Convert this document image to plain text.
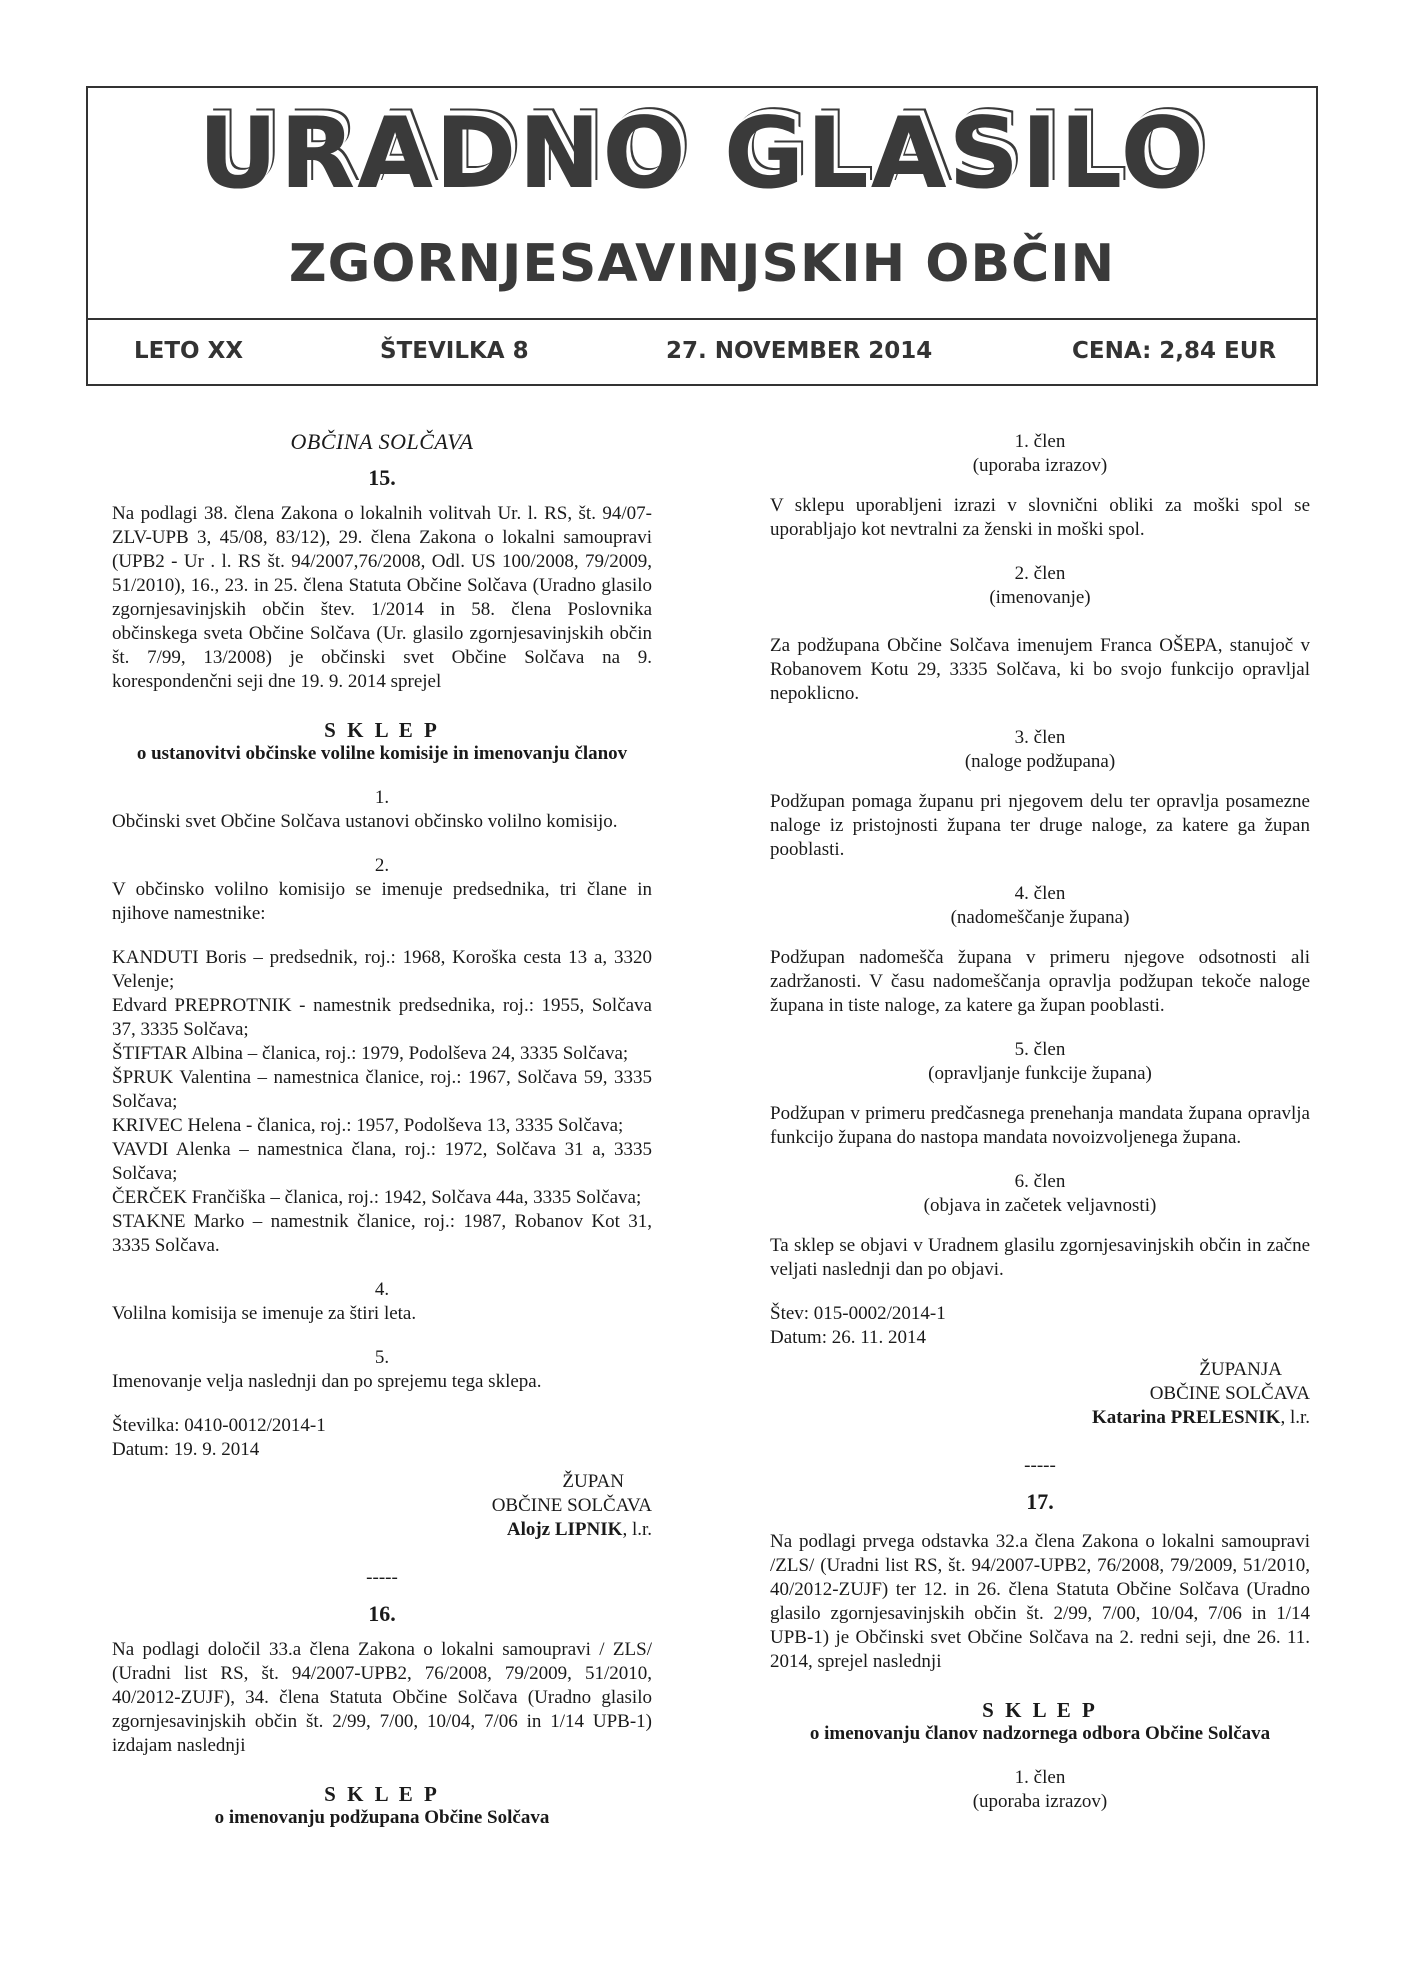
URADNO GLASILO
ZGORNJESAVINJSKIH OBČIN
LETO XX	ŠTEVILKA 8	27. NOVEMBER 2014	CENA: 2,84 EUR

OBČINA SOLČAVA

15.

Na podlagi 38. člena Zakona o lokalnih volitvah Ur. l. RS, št. 94/07-ZLV-UPB 3, 45/08, 83/12), 29. člena Zakona o lokalni samoupravi (UPB2 - Ur . l. RS št. 94/2007,76/2008, Odl. US 100/2008, 79/2009, 51/2010), 16., 23. in 25. člena Statuta Občine Solčava (Uradno glasilo zgornjesavinjskih občin štev. 1/2014 in 58. člena Poslovnika občinskega sveta Občine Solčava (Ur. glasilo zgornjesavinjskih občin št. 7/99, 13/2008) je občinski svet Občine Solčava na 9. korespondenčni seji dne 19. 9. 2014 sprejel

S K L E P

o ustanovitvi občinske volilne komisije in imenovanju članov

1.

Občinski svet Občine Solčava ustanovi občinsko volilno komisijo.

2.

V občinsko volilno komisijo se imenuje predsednika, tri člane in njihove namestnike:

KANDUTI Boris – predsednik, roj.: 1968, Koroška cesta 13 a, 3320 Velenje;

Edvard PREPROTNIK - namestnik predsednika, roj.: 1955, Solčava 37, 3335 Solčava;

ŠTIFTAR Albina – članica, roj.: 1979, Podolševa 24, 3335 Solčava;

ŠPRUK Valentina – namestnica članice, roj.: 1967, Solčava 59, 3335 Solčava;

KRIVEC Helena - članica, roj.: 1957, Podolševa 13, 3335 Solčava;

VAVDI Alenka – namestnica člana, roj.: 1972, Solčava 31 a, 3335 Solčava;

ČERČEK Frančiška – članica, roj.: 1942, Solčava 44a, 3335 Solčava;

STAKNE Marko – namestnik članice, roj.: 1987, Robanov Kot 31, 3335 Solčava.

4.

Volilna komisija se imenuje za štiri leta.

5.

Imenovanje velja naslednji dan po sprejemu tega sklepa.

Številka: 0410-0012/2014-1

Datum: 19. 9. 2014

ŽUPAN

OBČINE SOLČAVA

Alojz LIPNIK, l.r.

-----

16.

Na podlagi določil 33.a člena Zakona o lokalni samoupravi / ZLS/ (Uradni list RS, št. 94/2007-UPB2, 76/2008, 79/2009, 51/2010, 40/2012-ZUJF), 34. člena Statuta Občine Solčava (Uradno glasilo zgornjesavinjskih občin št. 2/99, 7/00, 10/04, 7/06 in 1/14 UPB-1) izdajam naslednji

S K L E P

o imenovanju podžupana Občine Solčava

1. člen

(uporaba izrazov)

V sklepu uporabljeni izrazi v slovnični obliki za moški spol se uporabljajo kot nevtralni za ženski in moški spol.

2. člen

(imenovanje)

Za podžupana Občine Solčava imenujem Franca OŠEPA, stanujoč v Robanovem Kotu 29, 3335 Solčava, ki bo svojo funkcijo opravljal nepoklicno.

3. člen

(naloge podžupana)

Podžupan pomaga županu pri njegovem delu ter opravlja posamezne naloge iz pristojnosti župana ter druge naloge, za katere ga župan pooblasti.

4. člen

(nadomeščanje župana)

Podžupan nadomešča župana v primeru njegove odsotnosti ali zadržanosti. V času nadomeščanja opravlja podžupan tekoče naloge župana in tiste naloge, za katere ga župan pooblasti.

5. člen

(opravljanje funkcije župana)

Podžupan v primeru predčasnega prenehanja mandata župana opravlja funkcijo župana do nastopa mandata novoizvoljenega župana.

6. člen

(objava in začetek veljavnosti)

Ta sklep se objavi v Uradnem glasilu zgornjesavinjskih občin in začne veljati naslednji dan po objavi.

Štev: 015-0002/2014-1

Datum: 26. 11. 2014

ŽUPANJA

OBČINE SOLČAVA

Katarina PRELESNIK, l.r.

-----

17.

Na podlagi prvega odstavka 32.a člena Zakona o lokalni samoupravi /ZLS/ (Uradni list RS, št. 94/2007-UPB2, 76/2008, 79/2009, 51/2010, 40/2012-ZUJF) ter 12. in 26. člena Statuta Občine Solčava (Uradno glasilo zgornjesavinjskih občin št. 2/99, 7/00, 10/04, 7/06 in 1/14 UPB-1) je Občinski svet Občine Solčava na 2. redni seji, dne 26. 11. 2014, sprejel naslednji

S K L E P

o imenovanju članov nadzornega odbora Občine Solčava

1. člen

(uporaba izrazov)
